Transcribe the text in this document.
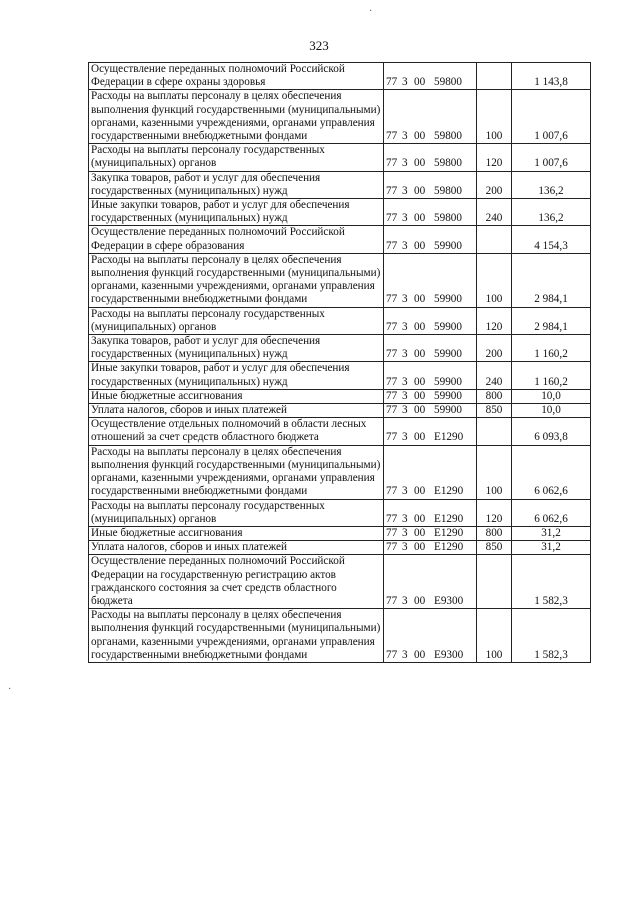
323
·
·
Осуществление переданных полномочий Российской Федерации в сфере охраны здоровья	77 3 00 59800		1 143,8
Расходы на выплаты персоналу в целях обеспечения выполнения функций государственными (муниципальными) органами, казенными учреждениями, органами управления государственными внебюджетными фондами	77 3 00 59800	100	1 007,6
Расходы на выплаты персоналу государственных (муниципальных) органов	77 3 00 59800	120	1 007,6
Закупка товаров, работ и услуг для обеспечения государственных (муниципальных) нужд	77 3 00 59800	200	136,2
Иные закупки товаров, работ и услуг для обеспечения государственных (муниципальных) нужд	77 3 00 59800	240	136,2
Осуществление переданных полномочий Российской Федерации в сфере образования	77 3 00 59900		4 154,3
Расходы на выплаты персоналу в целях обеспечения выполнения функций государственными (муниципальными) органами, казенными учреждениями, органами управления государственными внебюджетными фондами	77 3 00 59900	100	2 984,1
Расходы на выплаты персоналу государственных (муниципальных) органов	77 3 00 59900	120	2 984,1
Закупка товаров, работ и услуг для обеспечения государственных (муниципальных) нужд	77 3 00 59900	200	1 160,2
Иные закупки товаров, работ и услуг для обеспечения государственных (муниципальных) нужд	77 3 00 59900	240	1 160,2
Иные бюджетные ассигнования	77 3 00 59900	800	10,0
Уплата налогов, сборов и иных платежей	77 3 00 59900	850	10,0
Осуществление отдельных полномочий в области лесных отношений за счет средств областного бюджета	77 3 00 E1290		6 093,8
Расходы на выплаты персоналу в целях обеспечения выполнения функций государственными (муниципальными) органами, казенными учреждениями, органами управления государственными внебюджетными фондами	77 3 00 E1290	100	6 062,6
Расходы на выплаты персоналу государственных (муниципальных) органов	77 3 00 E1290	120	6 062,6
Иные бюджетные ассигнования	77 3 00 E1290	800	31,2
Уплата налогов, сборов и иных платежей	77 3 00 E1290	850	31,2
Осуществление переданных полномочий Российской Федерации на государственную регистрацию актов гражданского состояния за счет средств областного бюджета	77 3 00 E9300		1 582,3
Расходы на выплаты персоналу в целях обеспечения выполнения функций государственными (муниципальными) органами, казенными учреждениями, органами управления государственными внебюджетными фондами	77 3 00 E9300	100	1 582,3
